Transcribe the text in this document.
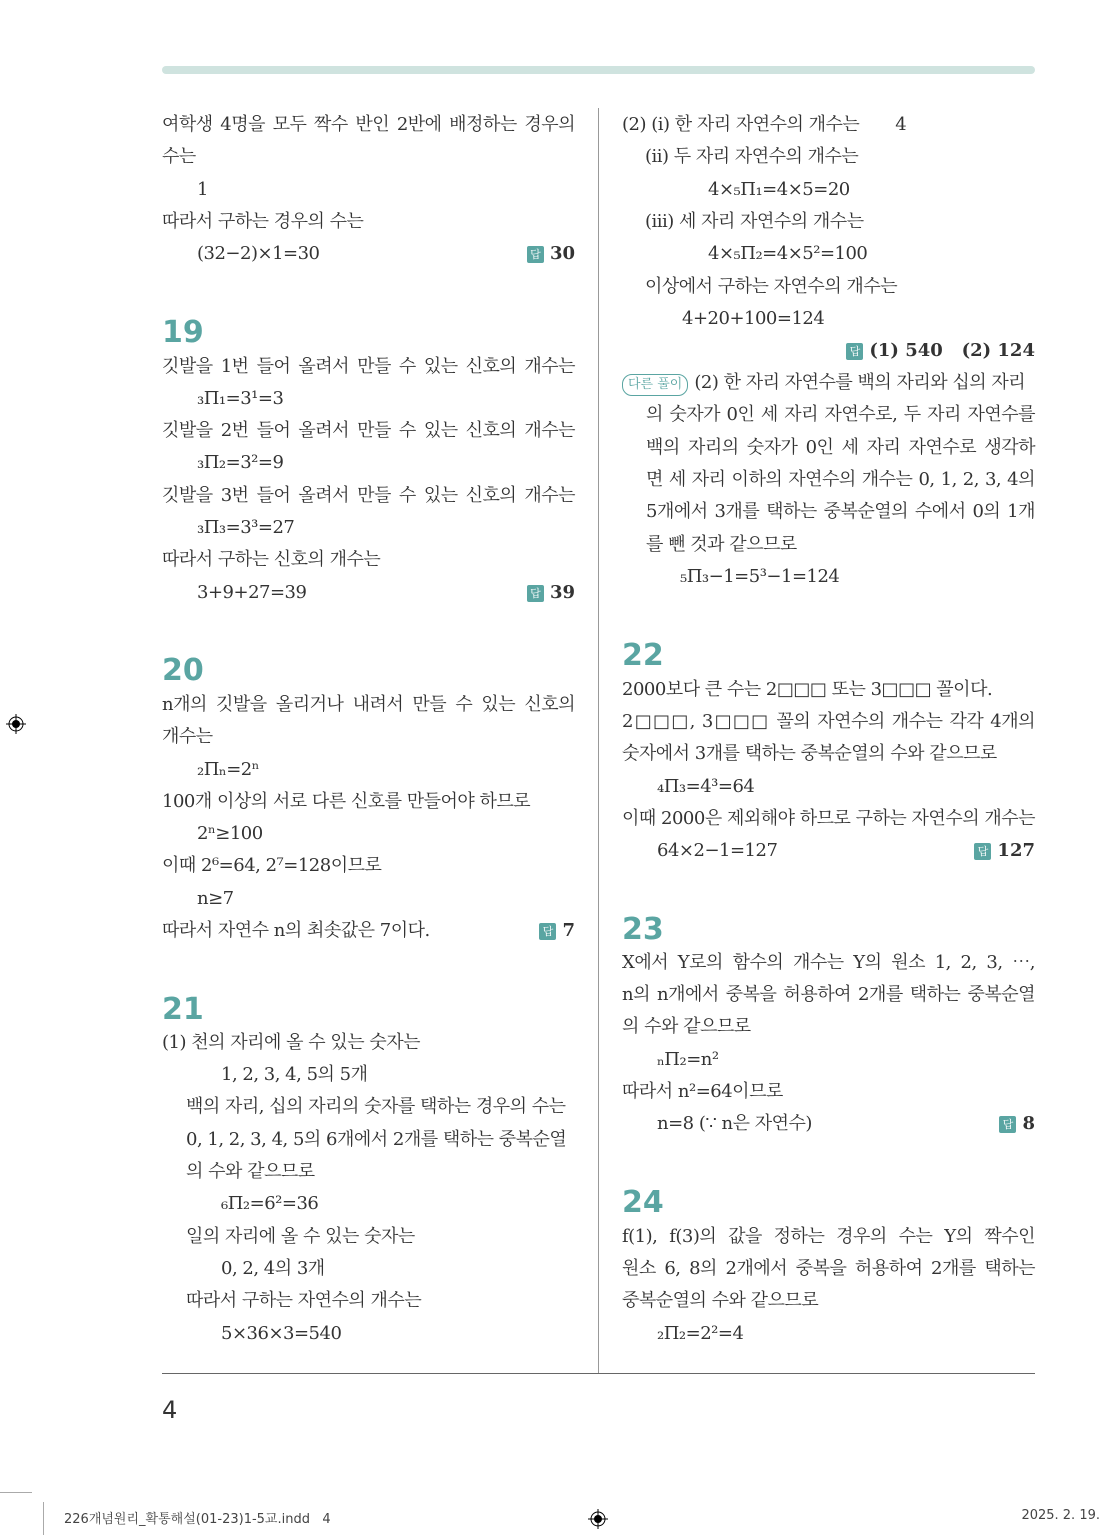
여학생 4명을 모두 짝수 반인 2반에 배정하는 경우의
수는
1
따라서 구하는 경우의 수는
(32−2)×1=30
깃발을 1번 들어 올려서 만들 수 있는 신호의 개수는
₃Π₁=3¹=3
깃발을 2번 들어 올려서 만들 수 있는 신호의 개수는
₃Π₂=3²=9
깃발을 3번 들어 올려서 만들 수 있는 신호의 개수는
₃Π₃=3³=27
따라서 구하는 신호의 개수는
3+9+27=39
n개의 깃발을 올리거나 내려서 만들 수 있는 신호의
개수는
₂Πₙ=2ⁿ
100개 이상의 서로 다른 신호를 만들어야 하므로
2ⁿ≥100
이때 2⁶=64, 2⁷=128이므로
n≥7
따라서 자연수 n의 최솟값은 7이다.
(1) 천의 자리에 올 수 있는 숫자는
1, 2, 3, 4, 5의 5개
백의 자리, 십의 자리의 숫자를 택하는 경우의 수는
0, 1, 2, 3, 4, 5의 6개에서 2개를 택하는 중복순열
의 수와 같으므로
₆Π₂=6²=36
일의 자리에 올 수 있는 숫자는
0, 2, 4의 3개
따라서 구하는 자연수의 개수는
5×36×3=540
(ii) 두 자리 자연수의 개수는
4×₅Π₁=4×5=20
(iii) 세 자리 자연수의 개수는
4×₅Π₂=4×5²=100
이상에서 구하는 자연수의 개수는
4+20+100=124
의 숫자가 0인 세 자리 자연수로, 두 자리 자연수를
백의 자리의 숫자가 0인 세 자리 자연수로 생각하
면 세 자리 이하의 자연수의 개수는 0, 1, 2, 3, 4의
5개에서 3개를 택하는 중복순열의 수에서 0의 1개
를 뺀 것과 같으므로
₅Π₃−1=5³−1=124
2000보다 큰 수는 2□□□ 또는 3□□□ 꼴이다.
2□□□, 3□□□ 꼴의 자연수의 개수는 각각 4개의
숫자에서 3개를 택하는 중복순열의 수와 같으므로
₄Π₃=4³=64
이때 2000은 제외해야 하므로 구하는 자연수의 개수는
64×2−1=127
X에서 Y로의 함수의 개수는 Y의 원소 1, 2, 3, ⋯,
n의 n개에서 중복을 허용하여 2개를 택하는 중복순열
의 수와 같으므로
ₙΠ₂=n²
따라서 n²=64이므로
n=8 (∵ n은 자연수)
f(1), f(3)의 값을 정하는 경우의 수는 Y의 짝수인
원소 6, 8의 2개에서 중복을 허용하여 2개를 택하는
중복순열의 수와 같으므로
₂Π₂=2²=4
(2) (i) 한 자리 자연수의 개수는 4
다른 풀이 (2) 한 자리 자연수를 백의 자리와 십의 자리
19
20
21
22
23
24
답 30
답 39
답 7
답 (1) 540   (2) 124
답 127
답 8
4
226개념원리_확통해설(01-23)1-5교.indd   4	2025. 2. 19.
